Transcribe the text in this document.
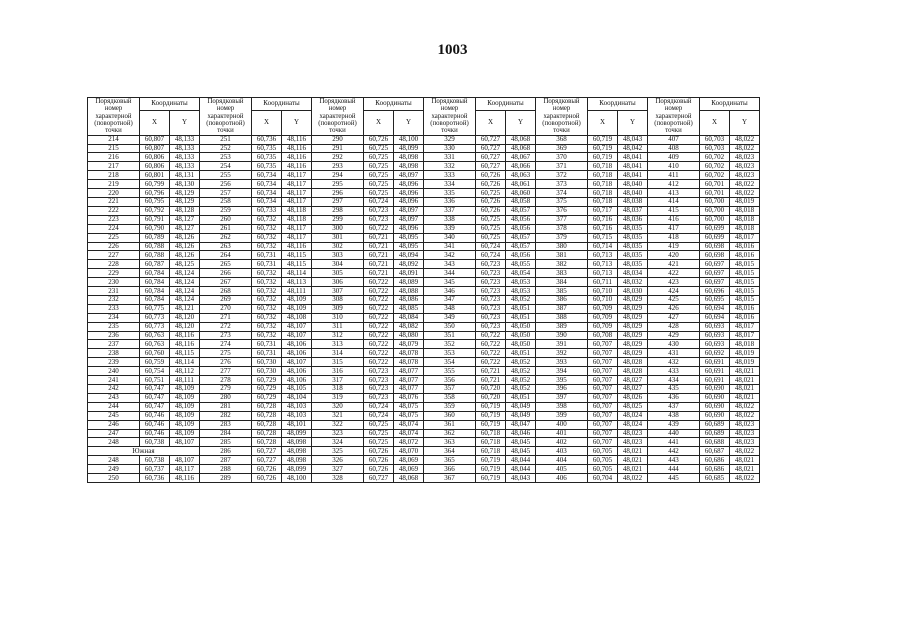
1003
Порядковый номер характерной (поворотной) точки	Координаты		Порядковый номер характерной (поворотной) точки	Координаты		Порядковый номер характерной (поворотной) точки	Координаты		Порядковый номер характерной (поворотной) точки	Координаты		Порядковый номер характерной (поворотной) точки	Координаты		Порядковый номер характерной (поворотной) точки	Координаты	
	X	Y		X	Y		X	Y		X	Y		X	Y		X	Y
214	60,807	48,133	251	60,736	48,116	290	60,726	48,100	329	60,727	48,068	368	60,719	48,043	407	60,703	48,022
215	60,807	48,133	252	60,735	48,116	291	60,725	48,099	330	60,727	48,068	369	60,719	48,042	408	60,703	48,022
216	60,806	48,133	253	60,735	48,116	292	60,725	48,098	331	60,727	48,067	370	60,719	48,041	409	60,702	48,023
217	60,806	48,133	254	60,735	48,116	293	60,725	48,098	332	60,727	48,066	371	60,718	48,041	410	60,702	48,023
218	60,801	48,131	255	60,734	48,117	294	60,725	48,097	333	60,726	48,063	372	60,718	48,041	411	60,702	48,023
219	60,799	48,130	256	60,734	48,117	295	60,725	48,096	334	60,726	48,061	373	60,718	48,040	412	60,701	48,022
220	60,796	48,129	257	60,734	48,117	296	60,725	48,096	335	60,725	48,060	374	60,718	48,040	413	60,701	48,022
221	60,795	48,129	258	60,734	48,117	297	60,724	48,096	336	60,726	48,058	375	60,718	48,038	414	60,700	48,019
222	60,792	48,128	259	60,733	48,118	298	60,723	48,097	337	60,726	48,057	376	60,717	48,037	415	60,700	48,018
223	60,791	48,127	260	60,732	48,118	299	60,723	48,097	338	60,725	48,056	377	60,716	48,036	416	60,700	48,018
224	60,790	48,127	261	60,732	48,117	300	60,722	48,096	339	60,725	48,056	378	60,716	48,035	417	60,699	48,018
225	60,789	48,126	262	60,732	48,117	301	60,721	48,095	340	60,725	48,057	379	60,715	48,035	418	60,699	48,017
226	60,788	48,126	263	60,732	48,116	302	60,721	48,095	341	60,724	48,057	380	60,714	48,035	419	60,698	48,016
227	60,788	48,126	264	60,731	48,115	303	60,721	48,094	342	60,724	48,056	381	60,713	48,035	420	60,698	48,016
228	60,787	48,125	265	60,731	48,115	304	60,721	48,092	343	60,723	48,055	382	60,713	48,035	421	60,697	48,015
229	60,784	48,124	266	60,732	48,114	305	60,721	48,091	344	60,723	48,054	383	60,713	48,034	422	60,697	48,015
230	60,784	48,124	267	60,732	48,113	306	60,722	48,089	345	60,723	48,053	384	60,711	48,032	423	60,697	48,015
231	60,784	48,124	268	60,732	48,111	307	60,722	48,088	346	60,723	48,053	385	60,710	48,030	424	60,696	48,015
232	60,784	48,124	269	60,732	48,109	308	60,722	48,086	347	60,723	48,052	386	60,710	48,029	425	60,695	48,015
233	60,775	48,121	270	60,732	48,109	309	60,722	48,085	348	60,723	48,051	387	60,709	48,029	426	60,694	48,016
234	60,773	48,120	271	60,732	48,108	310	60,722	48,084	349	60,723	48,051	388	60,709	48,029	427	60,694	48,016
235	60,773	48,120	272	60,732	48,107	311	60,722	48,082	350	60,723	48,050	389	60,709	48,029	428	60,693	48,017
236	60,763	48,116	273	60,732	48,107	312	60,722	48,080	351	60,722	48,050	390	60,708	48,029	429	60,693	48,017
237	60,763	48,116	274	60,731	48,106	313	60,722	48,079	352	60,722	48,050	391	60,707	48,029	430	60,693	48,018
238	60,760	48,115	275	60,731	48,106	314	60,722	48,078	353	60,722	48,051	392	60,707	48,029	431	60,692	48,019
239	60,759	48,114	276	60,730	48,107	315	60,722	48,078	354	60,722	48,052	393	60,707	48,028	432	60,691	48,019
240	60,754	48,112	277	60,730	48,106	316	60,723	48,077	355	60,721	48,052	394	60,707	48,028	433	60,691	48,021
241	60,751	48,111	278	60,729	48,106	317	60,723	48,077	356	60,721	48,052	395	60,707	48,027	434	60,691	48,021
242	60,747	48,109	279	60,729	48,105	318	60,723	48,077	357	60,720	48,052	396	60,707	48,027	435	60,690	48,021
243	60,747	48,109	280	60,729	48,104	319	60,723	48,076	358	60,720	48,051	397	60,707	48,026	436	60,690	48,021
244	60,747	48,109	281	60,728	48,103	320	60,724	48,075	359	60,719	48,049	398	60,707	48,025	437	60,690	48,022
245	60,746	48,109	282	60,728	48,103	321	60,724	48,075	360	60,719	48,049	399	60,707	48,024	438	60,690	48,022
246	60,746	48,109	283	60,728	48,101	322	60,725	48,074	361	60,719	48,047	400	60,707	48,024	439	60,689	48,023
247	60,746	48,109	284	60,728	48,099	323	60,725	48,074	362	60,718	48,046	401	60,707	48,023	440	60,689	48,023
248	60,738	48,107	285	60,728	48,098	324	60,725	48,072	363	60,718	48,045	402	60,707	48,023	441	60,688	48,023
Южная			286	60,727	48,098	325	60,726	48,070	364	60,718	48,045	403	60,705	48,021	442	60,687	48,022
248	60,738	48,107	287	60,727	48,098	326	60,726	48,069	365	60,719	48,044	404	60,705	48,021	443	60,686	48,021
249	60,737	48,117	288	60,726	48,099	327	60,726	48,069	366	60,719	48,044	405	60,705	48,021	444	60,686	48,021
250	60,736	48,116	289	60,726	48,100	328	60,727	48,068	367	60,719	48,043	406	60,704	48,022	445	60,685	48,022
